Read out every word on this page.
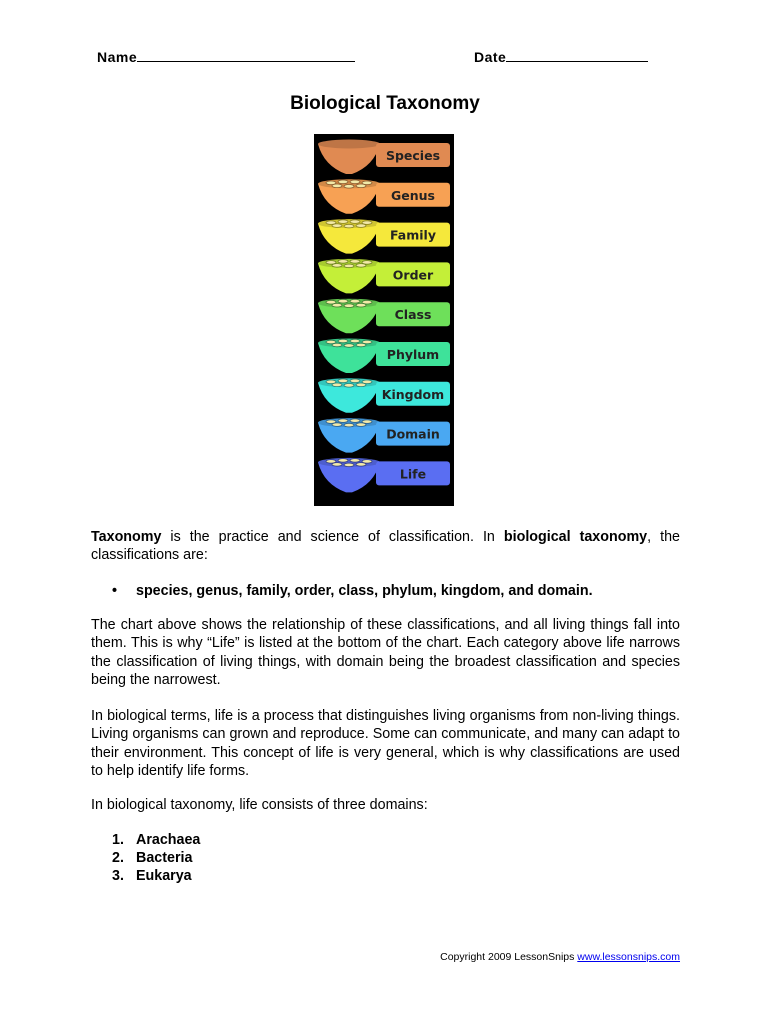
Name	Date
Biological Taxonomy
Species
Genus
Family
Order
Class
Phylum
Kingdom
Domain
Life

Taxonomy is the practice and science of classification. In biological taxonomy, the classifications are:

• species, genus, family, order, class, phylum, kingdom, and domain.

The chart above shows the relationship of these classifications, and all living things fall into them. This is why “Life” is listed at the bottom of the chart. Each category above life narrows the classification of living things, with domain being the broadest classification and species being the narrowest.

In biological terms, life is a process that distinguishes living organisms from non-living things. Living organisms can grown and reproduce. Some can communicate, and many can adapt to their environment. This concept of life is very general, which is why classifications are used to help identify life forms.

In biological taxonomy, life consists of three domains:

1. Arachaea
2. Bacteria
3. Eukarya

Copyright 2009 LessonSnips www.lessonsnips.com
